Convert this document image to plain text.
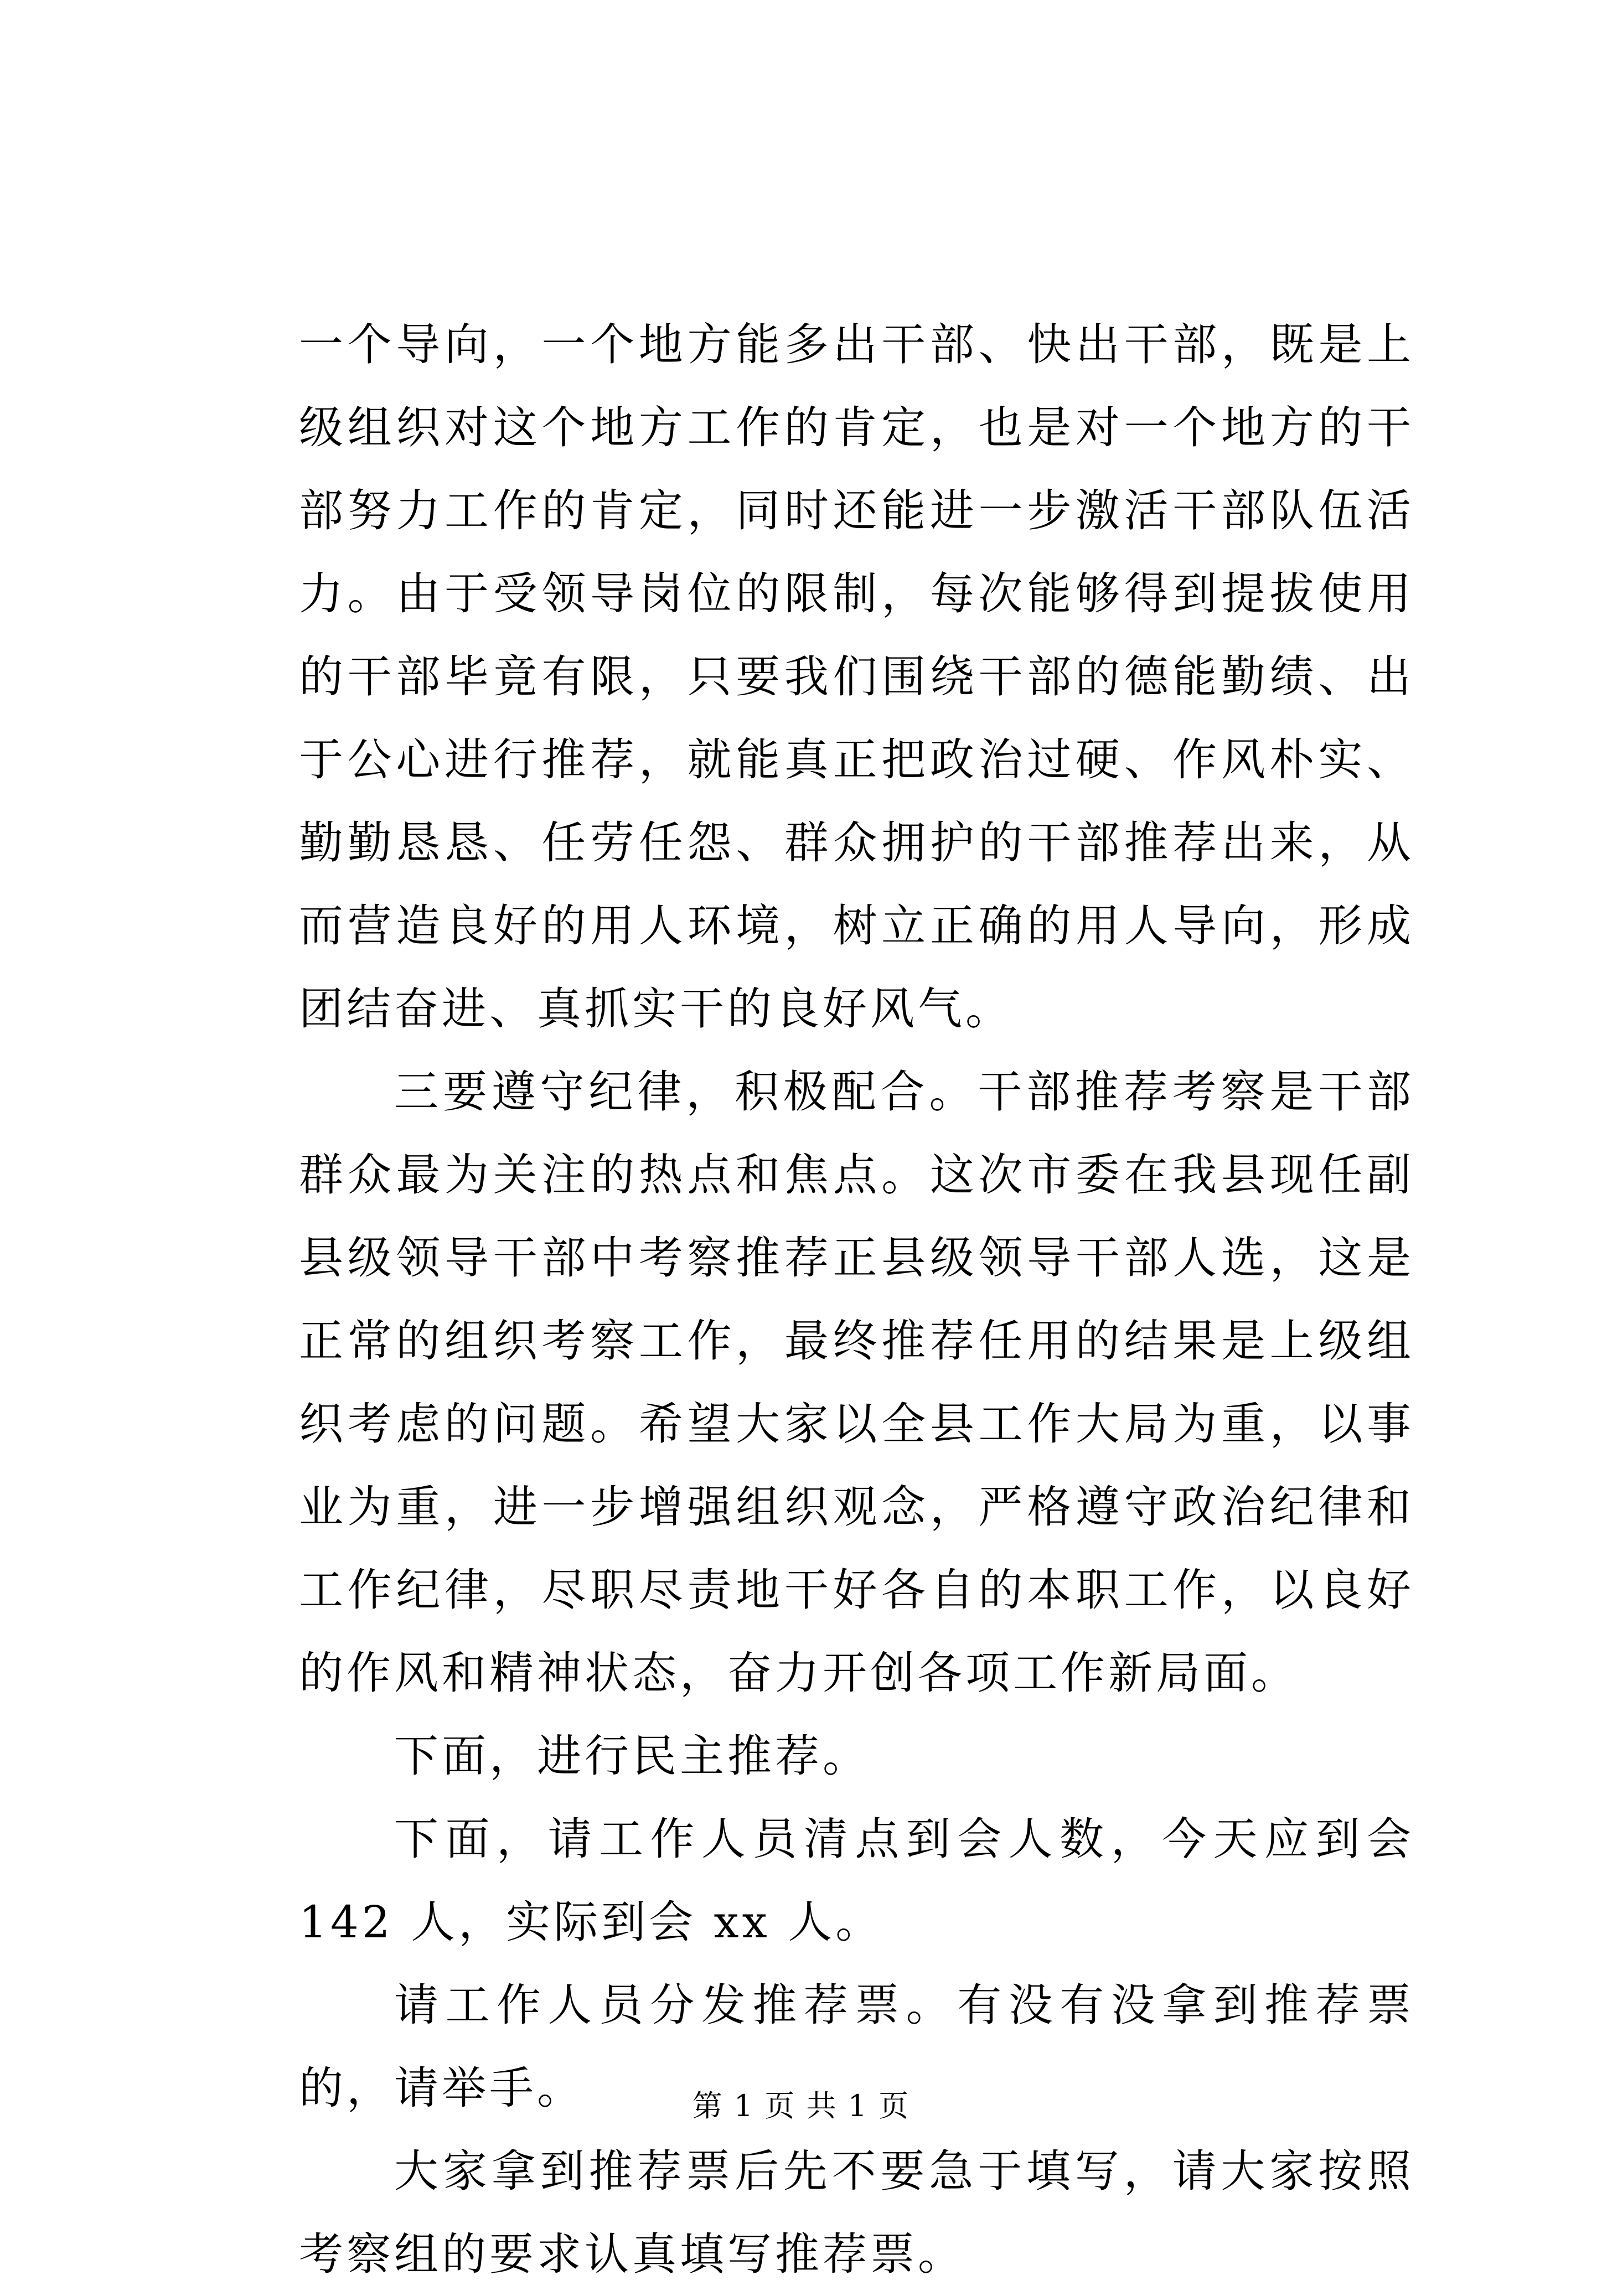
一个导向，一个地方能多出干部、快出干部，既是上级组织对这个地方工作的肯定，也是对一个地方的干部努力工作的肯定，同时还能进一步激活干部队伍活力。由于受领导岗位的限制，每次能够得到提拔使用的干部毕竟有限，只要我们围绕干部的德能勤绩、出于公心进行推荐，就能真正把政治过硬、作风朴实、勤勤恳恳、任劳任怨、群众拥护的干部推荐出来，从而营造良好的用人环境，树立正确的用人导向，形成团结奋进、真抓实干的良好风气。

三要遵守纪律，积极配合。干部推荐考察是干部群众最为关注的热点和焦点。这次市委在我县现任副县级领导干部中考察推荐正县级领导干部人选，这是正常的组织考察工作，最终推荐任用的结果是上级组织考虑的问题。希望大家以全县工作大局为重，以事业为重，进一步增强组织观念，严格遵守政治纪律和工作纪律，尽职尽责地干好各自的本职工作，以良好的作风和精神状态，奋力开创各项工作新局面。

下面，进行民主推荐。

下面，请工作人员清点到会人数，今天应到会 142 人，实际到会 xx 人。

请工作人员分发推荐票。有没有没拿到推荐票的，请举手。

大家拿到推荐票后先不要急于填写，请大家按照考察组的要求认真填写推荐票。

第 1 页 共 1 页
